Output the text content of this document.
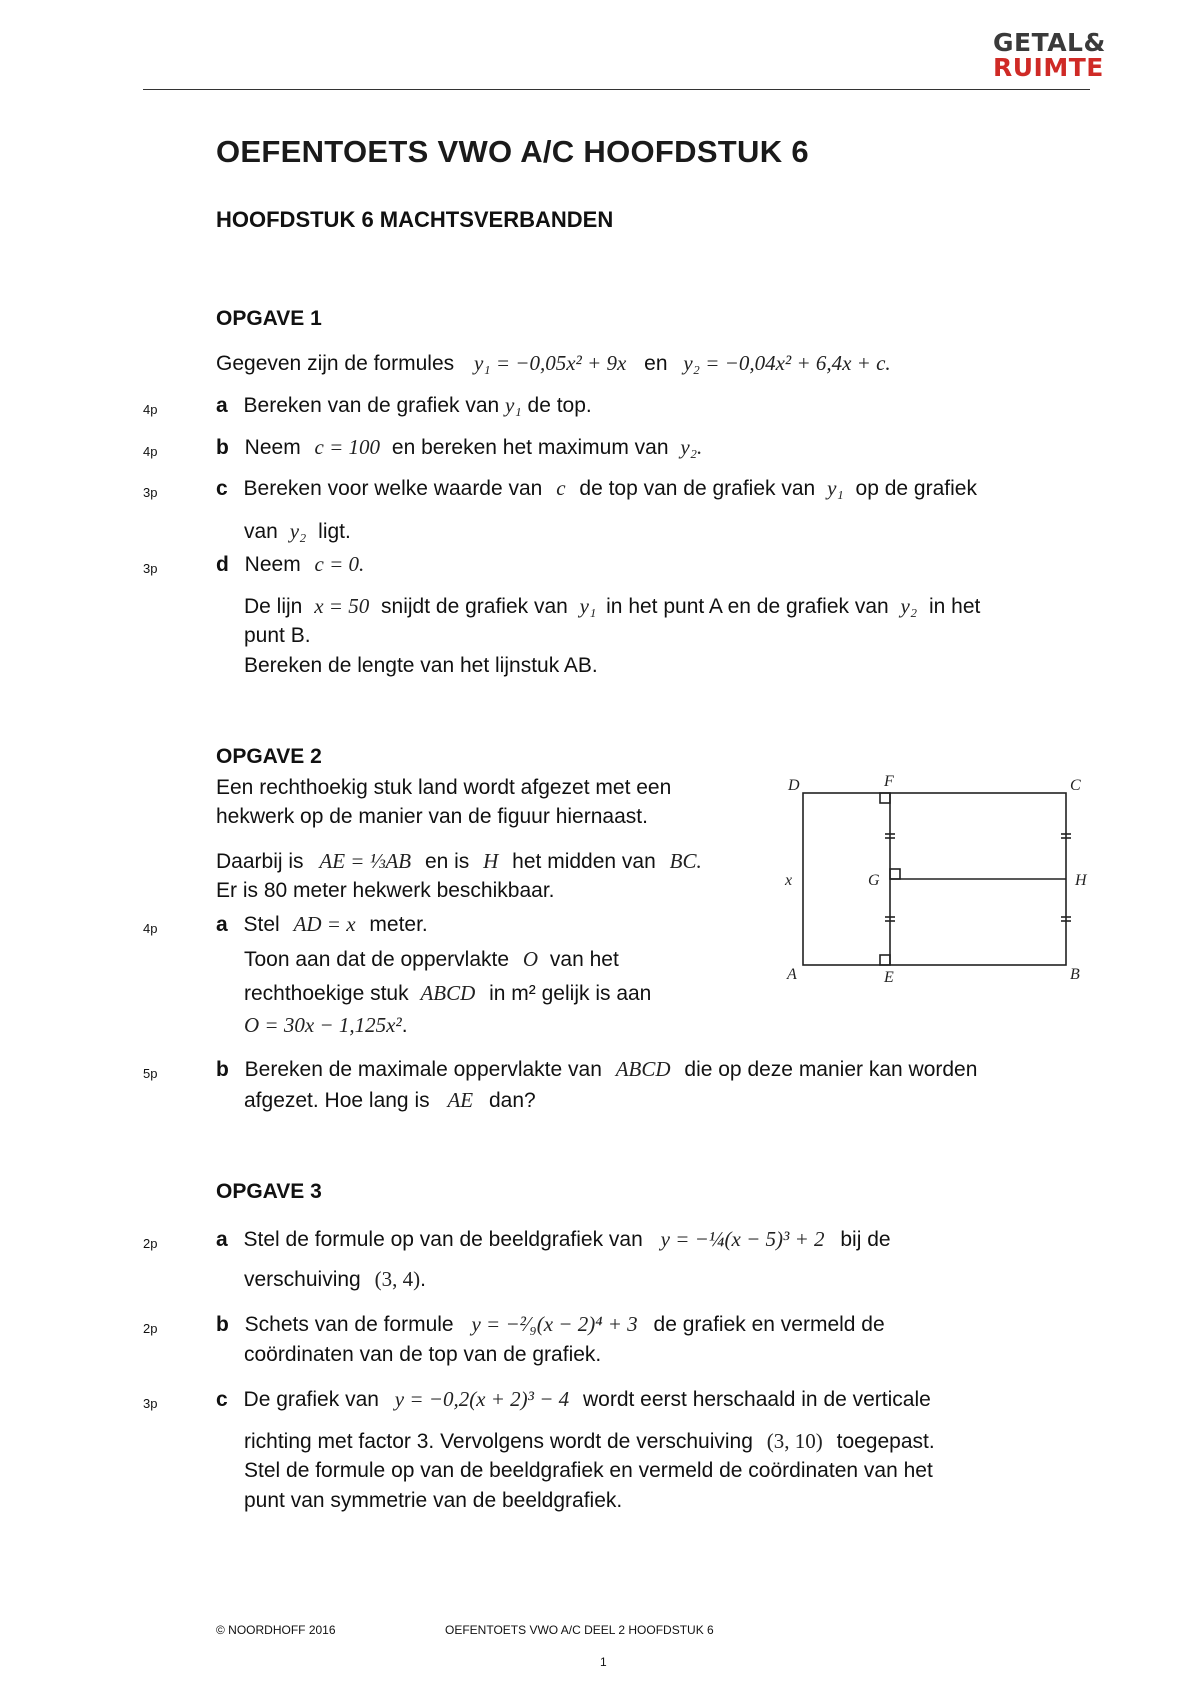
GETAL&
RUIMTE
OEFENTOETS VWO A/C HOOFDSTUK 6
HOOFDSTUK 6 MACHTSVERBANDEN
OPGAVE 1
Gegeven zijn de formules y₁ = −0,05x² + 9x en y₂ = −0,04x² + 6,4x + c.
4p	a Bereken van de grafiek van y₁ de top.
4p	b Neem c = 100 en bereken het maximum van y₂.
3p	c Bereken voor welke waarde van c de top van de grafiek van y₁ op de grafiek
van y₂ ligt.
3p	d Neem c = 0.
De lijn x = 50 snijdt de grafiek van y₁ in het punt A en de grafiek van y₂ in het
punt B.
Bereken de lengte van het lijnstuk AB.
OPGAVE 2
Een rechthoekig stuk land wordt afgezet met een
hekwerk op de manier van de figuur hiernaast.
Daarbij is AE = ⅓AB en is H het midden van BC.
Er is 80 meter hekwerk beschikbaar.
4p	a Stel AD = x meter.
Toon aan dat de oppervlakte O van het
rechthoekige stuk ABCD in m² gelijk is aan
O = 30x − 1,125x².
5p	b Bereken de maximale oppervlakte van ABCD die op deze manier kan worden
afgezet. Hoe lang is AE dan?
D	F	C
G	H
x
A	E	B
OPGAVE 3
2p	a Stel de formule op van de beeldgrafiek van y = −¼(x − 5)³ + 2 bij de
verschuiving (3, 4).
2p	b Schets van de formule y = −²⁄₉(x − 2)⁴ + 3 de grafiek en vermeld de
coördinaten van de top van de grafiek.
3p	c De grafiek van y = −0,2(x + 2)³ − 4 wordt eerst herschaald in de verticale
richting met factor 3. Vervolgens wordt de verschuiving (3, 10) toegepast.
Stel de formule op van de beeldgrafiek en vermeld de coördinaten van het
punt van symmetrie van de beeldgrafiek.
© NOORDHOFF 2016	OEFENTOETS VWO A/C DEEL 2 HOOFDSTUK 6
1
